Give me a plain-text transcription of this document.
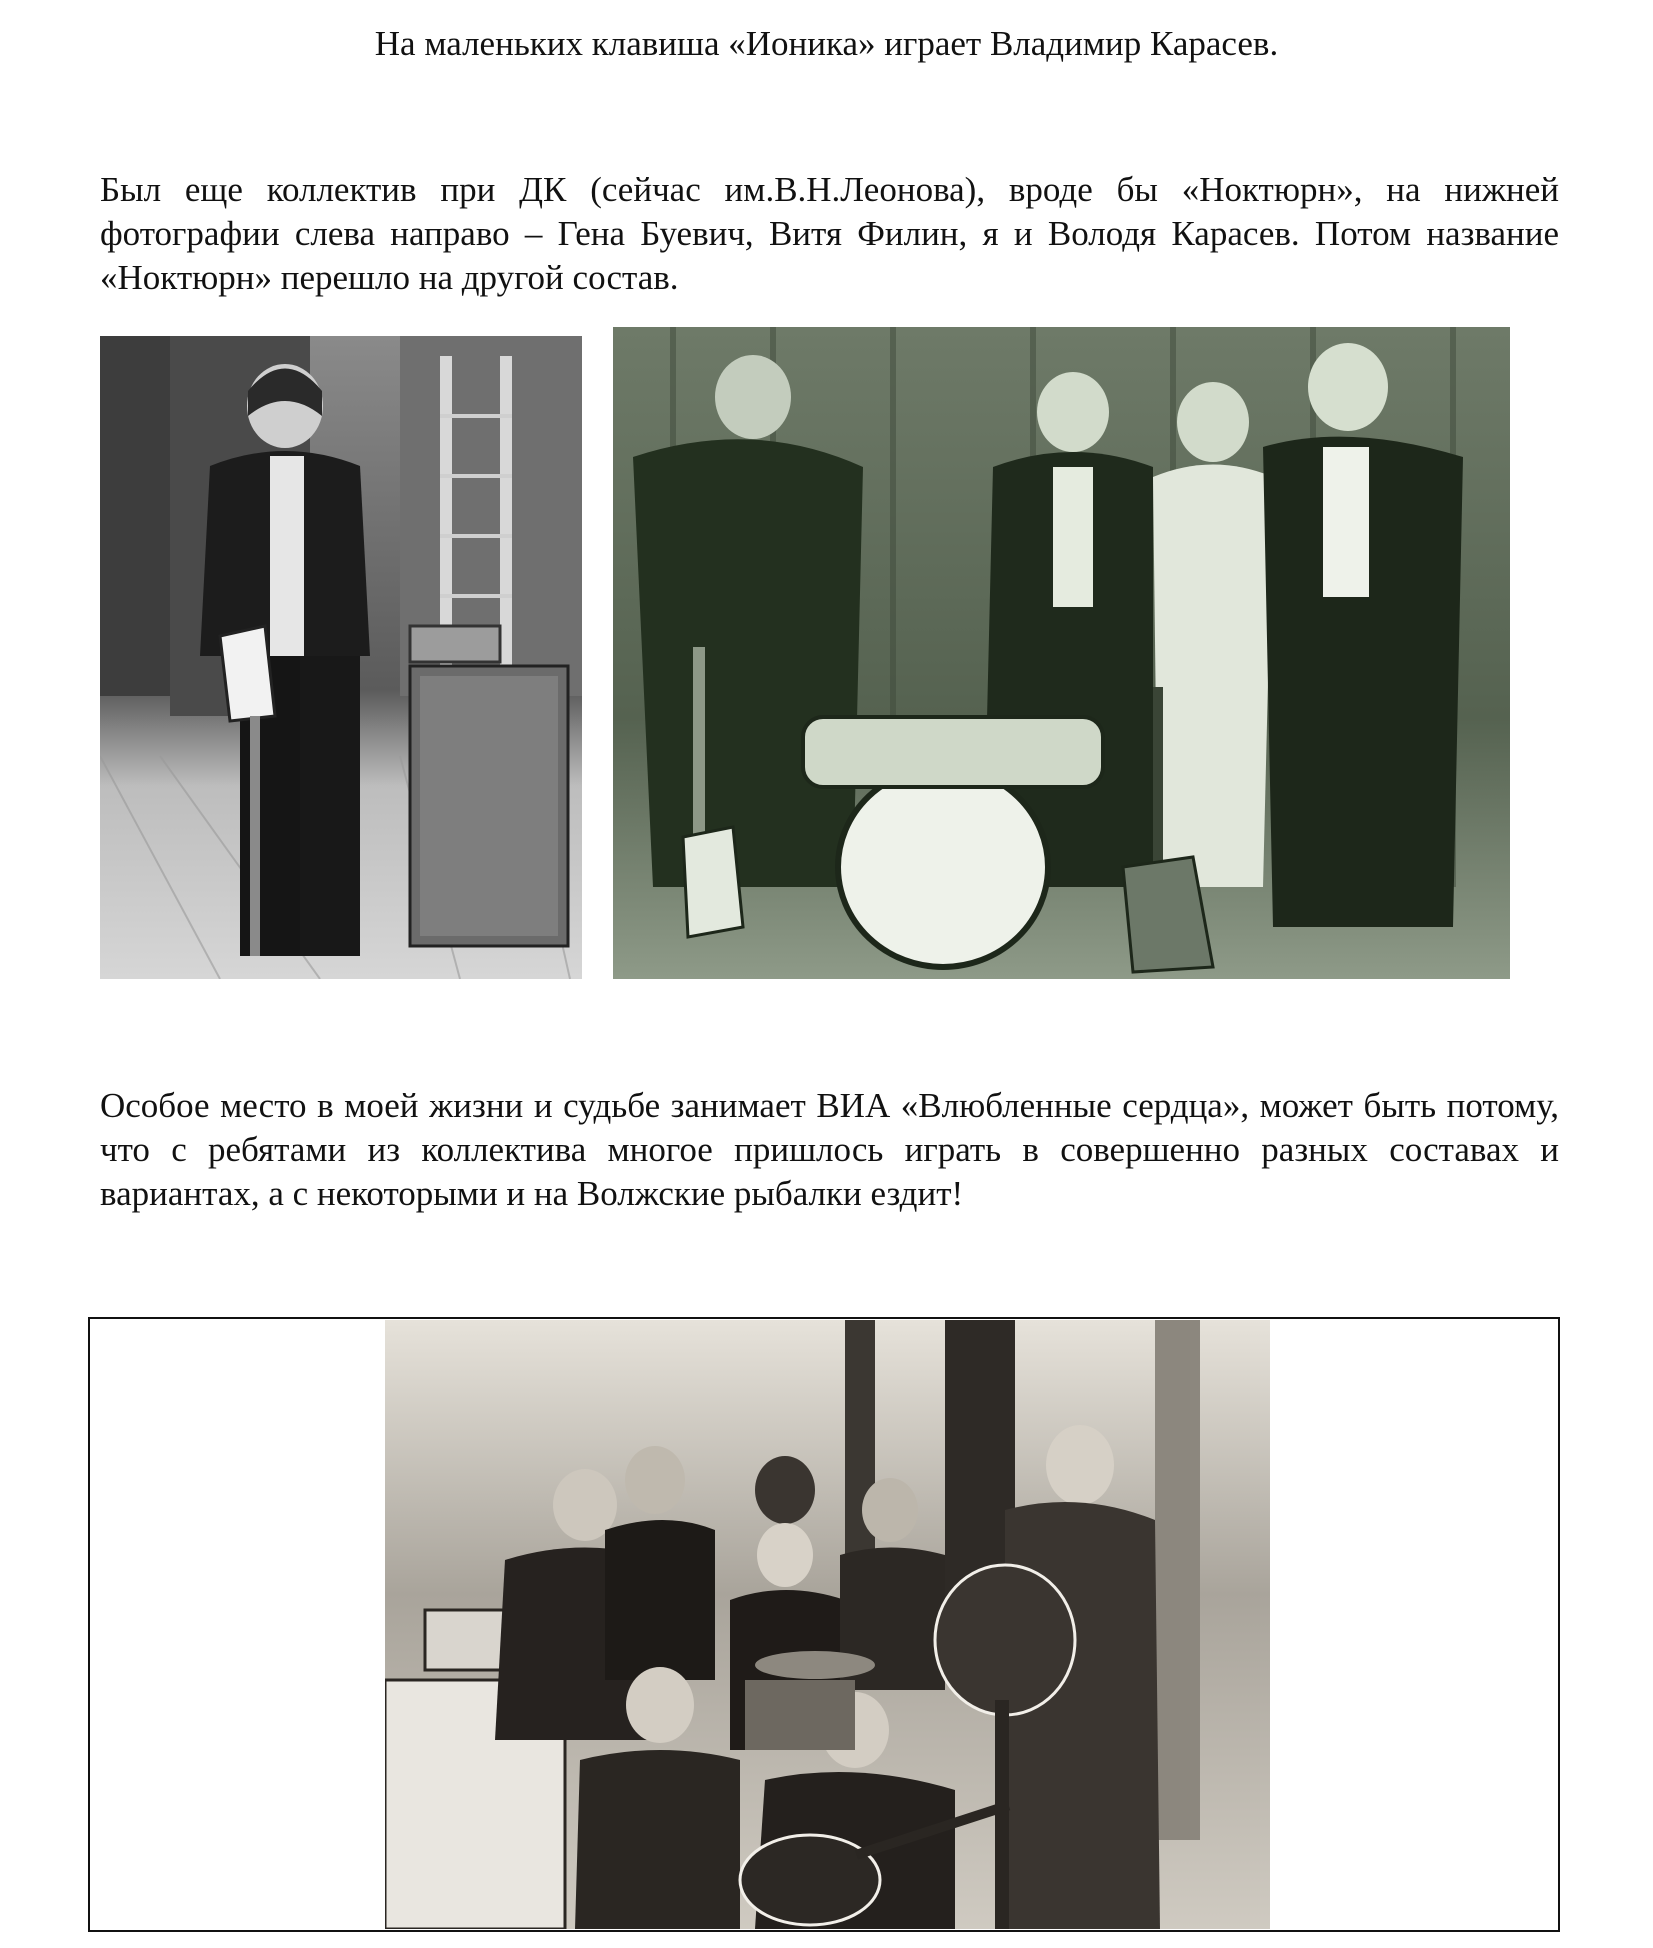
На маленьких клавиша «Ионика» играет Владимир Карасев.

Был еще коллектив при ДК (сейчас им.В.Н.Леонова), вроде бы «Ноктюрн», на нижней фотографии слева направо – Гена Буевич, Витя Филин, я и Володя Карасев. Потом название «Ноктюрн» перешло на другой состав.

Особое место в моей жизни и судьбе занимает ВИА «Влюбленные сердца», может быть потому, что с ребятами из коллектива многое пришлось играть в совершенно разных составах и вариантах, а с некоторыми и на Волжские рыбалки ездит!
